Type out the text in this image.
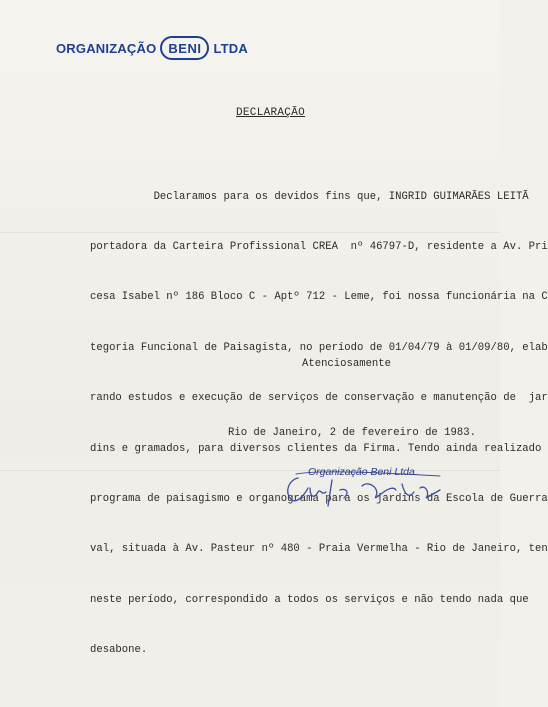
ORGANIZAÇÃO BENI LTDA
DECLARAÇÃO

Declaramos para os devidos fins que, INGRID GUIMARÃES LEITÃ

portadora da Carteira Profissional CREA  nº 46797-D, residente a Av. Pri

cesa Isabel nº 186 Bloco C - Aptº 712 - Leme, foi nossa funcionária na C

tegoria Funcional de Paisagista, no período de 01/04/79 à 01/09/80, elab

rando estudos e execução de serviços de conservação e manutenção de  jar

dins e gramados, para diversos clientes da Firma. Tendo ainda realizado

programa de paisagismo e organograma para os jardins da Escola de Guerra

val, situada à Av. Pasteur nº 480 - Praia Vermelha - Rio de Janeiro, ten

neste período, correspondido a todos os serviços e não tendo nada que

desabone.

Atenciosamente
Rio de Janeiro, 2 de fevereiro de 1983.
Organização Beni Ltda.
